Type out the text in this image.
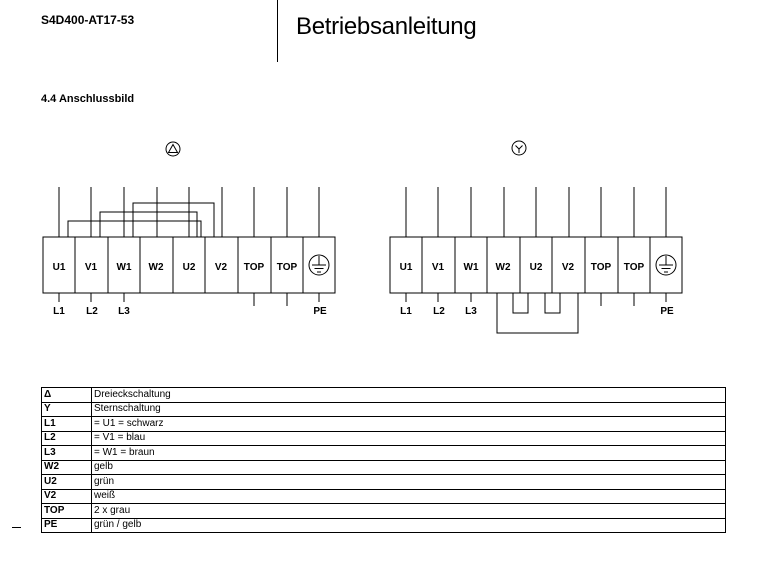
S4D400-AT17-53	Betriebsanleitung
4.4 Anschlussbild
U1 V1 W1 W2 U2 V2 TOP TOP
L1 L2 L3	PE
U1 V1 W1 W2 U2 V2 TOP TOP
L1 L2 L3	PE
Δ	Dreieckschaltung
Y	Sternschaltung
L1	= U1 = schwarz
L2	= V1 = blau
L3	= W1 = braun
W2	gelb
U2	grün
V2	weiß
TOP	2 x grau
PE	grün / gelb
